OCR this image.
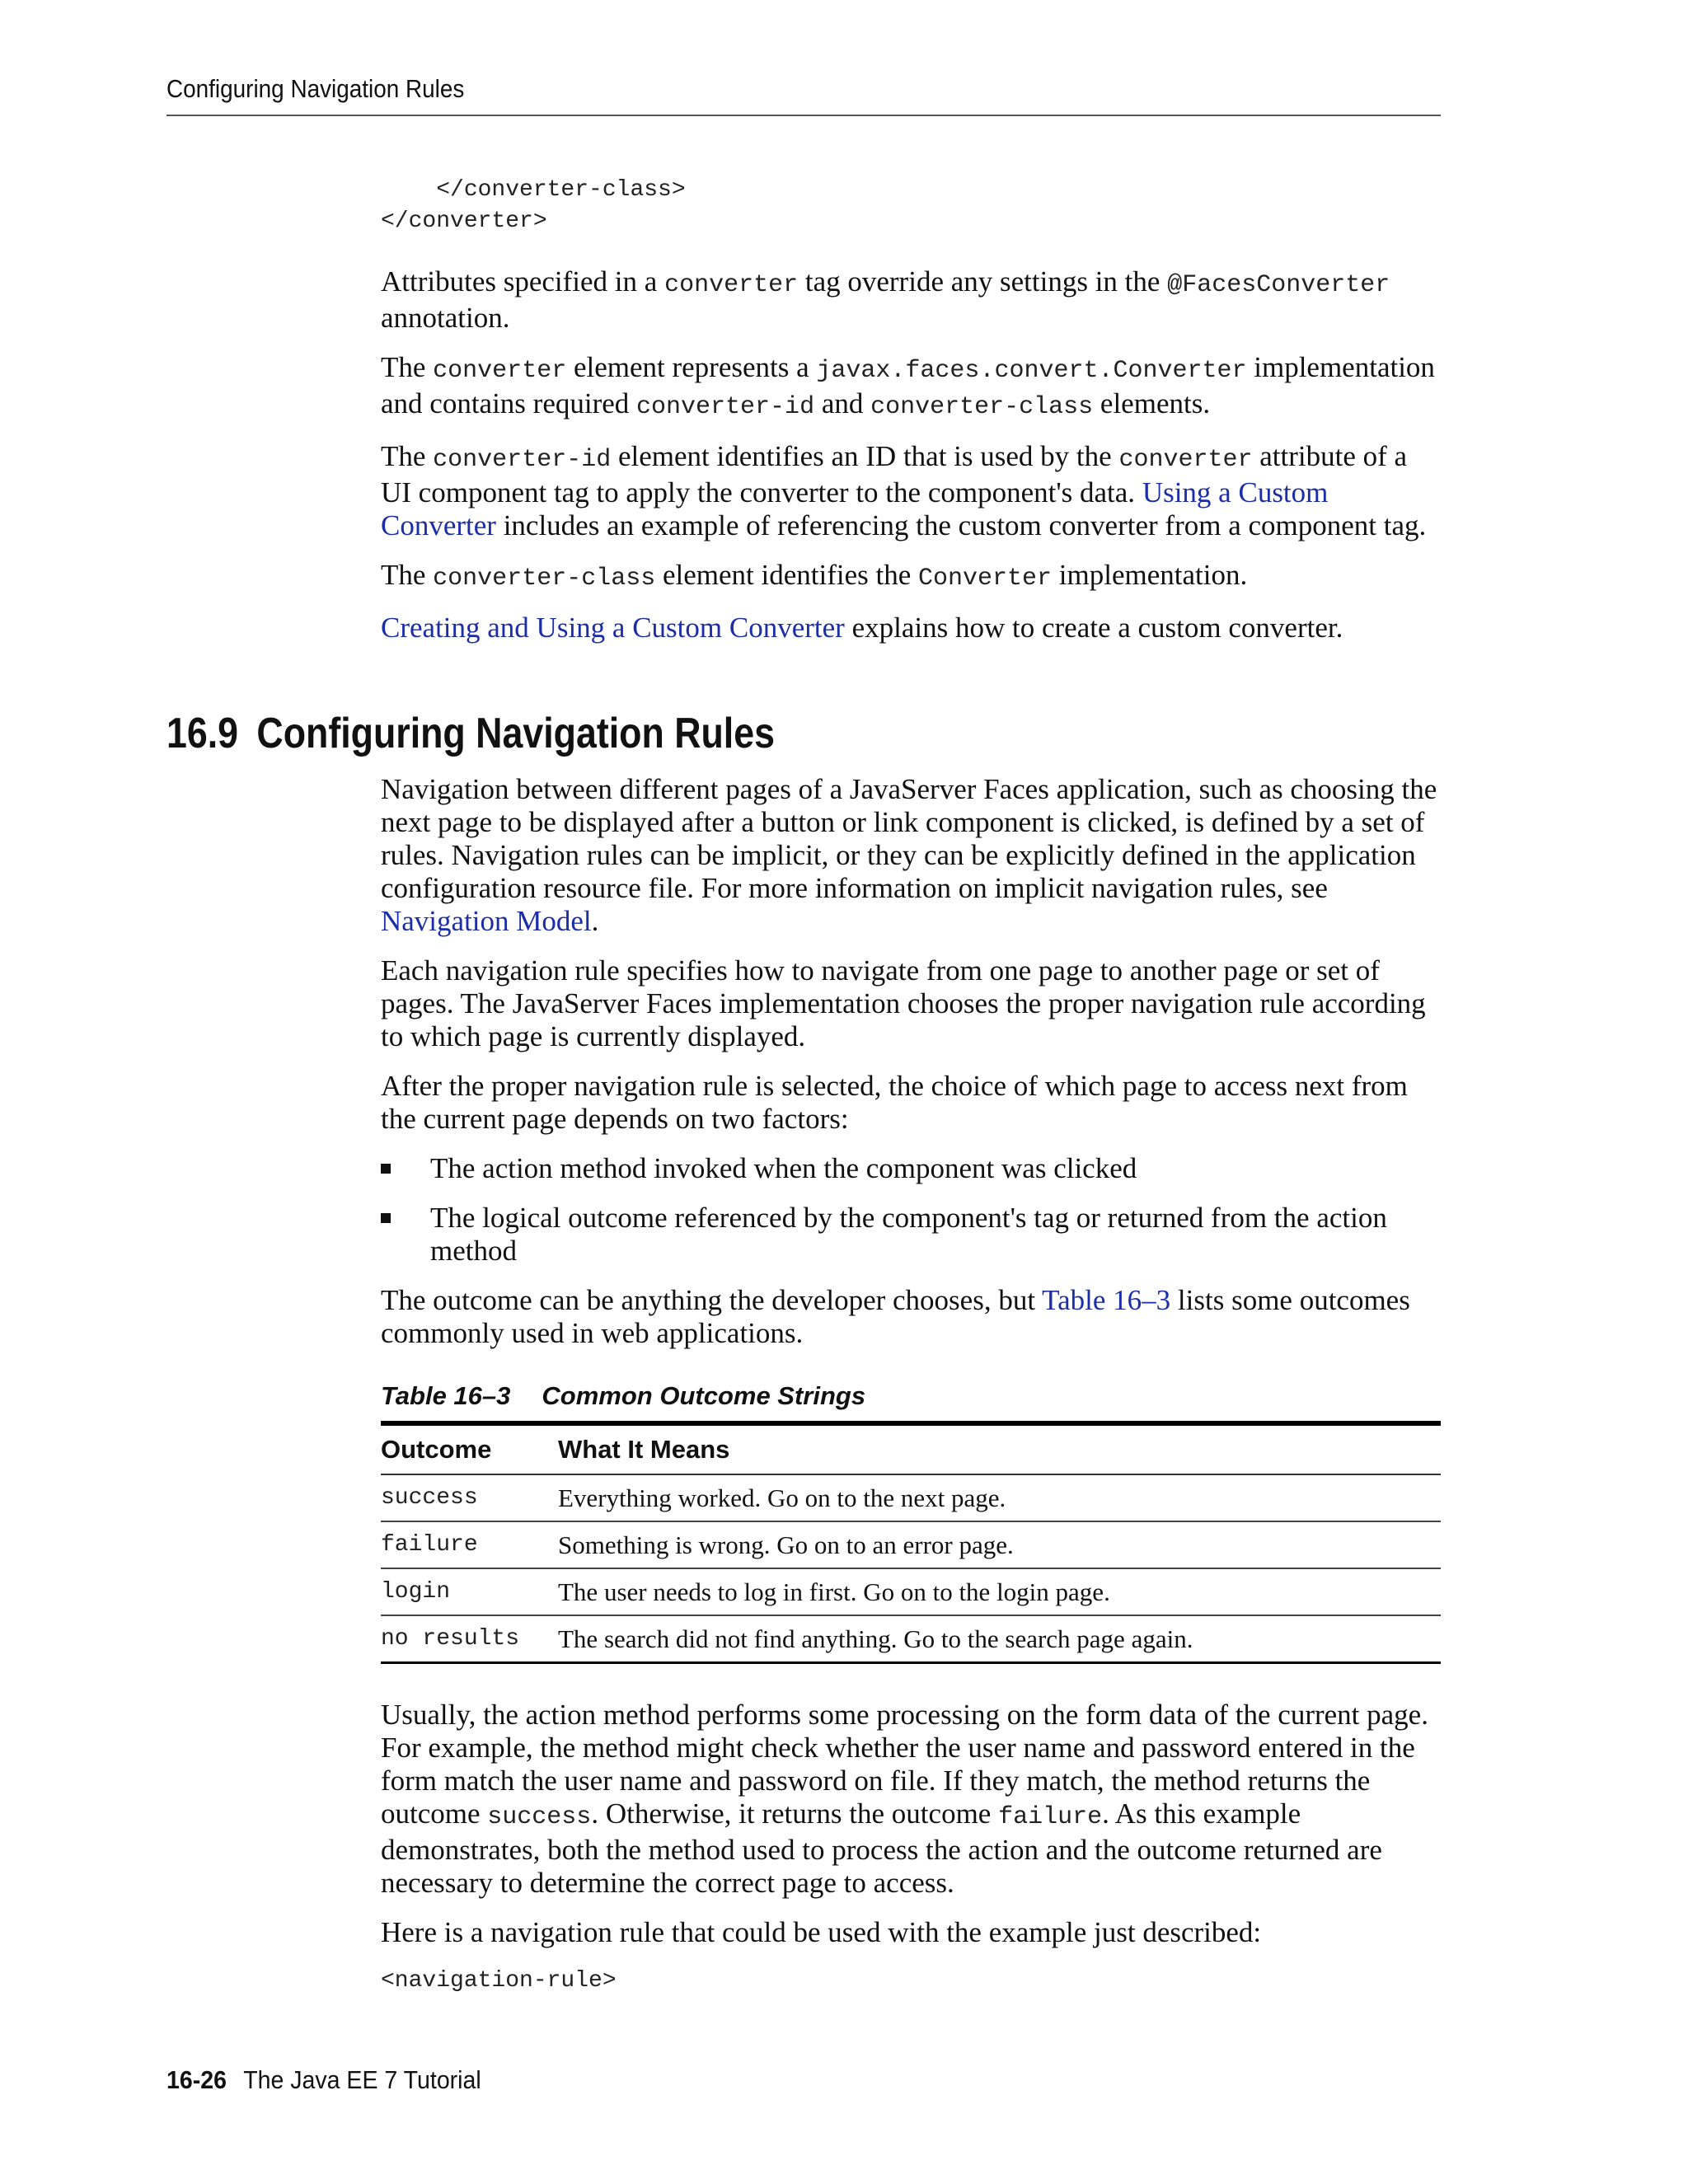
Configuring Navigation Rules
</converter-class>
</converter>

Attributes specified in a converter tag override any settings in the @FacesConverter annotation.

The converter element represents a javax.faces.convert.Converter implementation and contains required converter-id and converter-class elements.

The converter-id element identifies an ID that is used by the converter attribute of a UI component tag to apply the converter to the component's data. Using a Custom Converter includes an example of referencing the custom converter from a component tag.

The converter-class element identifies the Converter implementation.

Creating and Using a Custom Converter explains how to create a custom converter.

16.9 Configuring Navigation Rules

Navigation between different pages of a JavaServer Faces application, such as choosing the next page to be displayed after a button or link component is clicked, is defined by a set of rules. Navigation rules can be implicit, or they can be explicitly defined in the application configuration resource file. For more information on implicit navigation rules, see Navigation Model.

Each navigation rule specifies how to navigate from one page to another page or set of pages. The JavaServer Faces implementation chooses the proper navigation rule according to which page is currently displayed.

After the proper navigation rule is selected, the choice of which page to access next from the current page depends on two factors:

The action method invoked when the component was clicked
The logical outcome referenced by the component's tag or returned from the action method

The outcome can be anything the developer chooses, but Table 16–3 lists some outcomes commonly used in web applications.

Table 16–3 Common Outcome Strings
Outcome	What It Means
success	Everything worked. Go on to the next page.
failure	Something is wrong. Go on to an error page.
login	The user needs to log in first. Go on to the login page.
no results	The search did not find anything. Go to the search page again.

Usually, the action method performs some processing on the form data of the current page. For example, the method might check whether the user name and password entered in the form match the user name and password on file. If they match, the method returns the outcome success. Otherwise, it returns the outcome failure. As this example demonstrates, both the method used to process the action and the outcome returned are necessary to determine the correct page to access.

Here is a navigation rule that could be used with the example just described:

<navigation-rule>
16-26 The Java EE 7 Tutorial
